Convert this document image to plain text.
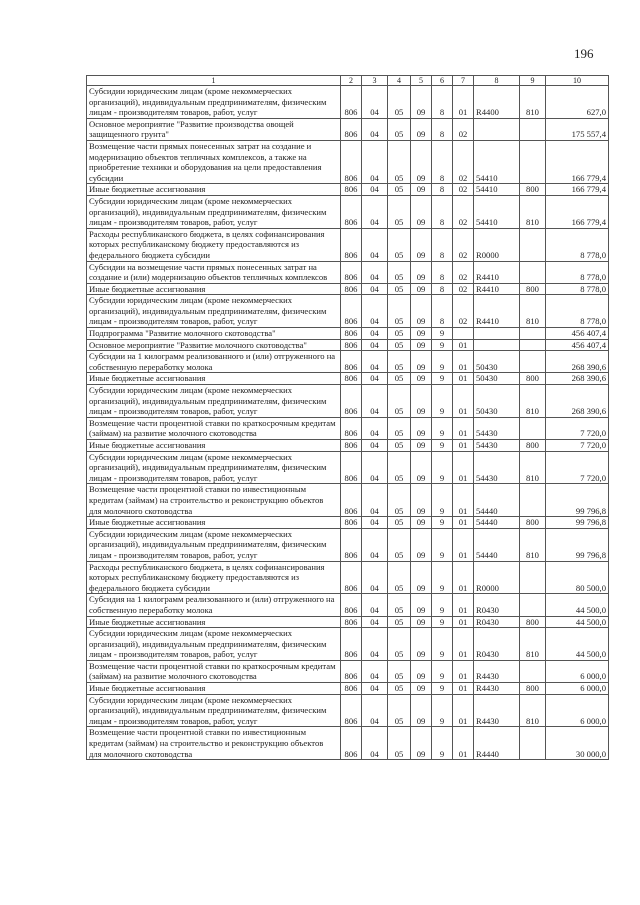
196
1	2	3	4	5	6	7	8	9	10
Субсидии юридическим лицам (кроме некоммерческих организаций), индивидуальным предпринимателям, физическим лицам - производителям товаров, работ, услуг	806	04	05	09	8	01	R4400	810	627,0
Основное мероприятие "Развитие производства овощей защищенного грунта"	806	04	05	09	8	02			175 557,4
Возмещение части прямых понесенных затрат на создание и модернизацию объектов тепличных комплексов, а также на приобретение техники и оборудования на цели предоставления субсидии	806	04	05	09	8	02	54410		166 779,4
Иные бюджетные ассигнования	806	04	05	09	8	02	54410	800	166 779,4
Субсидии юридическим лицам (кроме некоммерческих организаций), индивидуальным предпринимателям, физическим лицам - производителям товаров, работ, услуг	806	04	05	09	8	02	54410	810	166 779,4
Расходы республиканского бюджета, в целях софинансирования которых республиканскому бюджету предоставляются из федерального бюджета субсидии	806	04	05	09	8	02	R0000		8 778,0
Субсидии на возмещение части прямых понесенных затрат на создание и (или) модернизацию объектов тепличных комплексов	806	04	05	09	8	02	R4410		8 778,0
Иные бюджетные ассигнования	806	04	05	09	8	02	R4410	800	8 778,0
Субсидии юридическим лицам (кроме некоммерческих организаций), индивидуальным предпринимателям, физическим лицам - производителям товаров, работ, услуг	806	04	05	09	8	02	R4410	810	8 778,0
Подпрограмма "Развитие молочного скотоводства"	806	04	05	09	9				456 407,4
Основное мероприятие "Развитие молочного скотоводства"	806	04	05	09	9	01			456 407,4
Субсидии на 1 килограмм реализованного и (или) отгруженного на собственную переработку молока	806	04	05	09	9	01	50430		268 390,6
Иные бюджетные ассигнования	806	04	05	09	9	01	50430	800	268 390,6
Субсидии юридическим лицам (кроме некоммерческих организаций), индивидуальным предпринимателям, физическим лицам - производителям товаров, работ, услуг	806	04	05	09	9	01	50430	810	268 390,6
Возмещение части процентной ставки по краткосрочным кредитам (займам) на развитие молочного скотоводства	806	04	05	09	9	01	54430		7 720,0
Иные бюджетные ассигнования	806	04	05	09	9	01	54430	800	7 720,0
Субсидии юридическим лицам (кроме некоммерческих организаций), индивидуальным предпринимателям, физическим лицам - производителям товаров, работ, услуг	806	04	05	09	9	01	54430	810	7 720,0
Возмещение части процентной ставки по инвестиционным кредитам (займам) на строительство и реконструкцию объектов для молочного скотоводства	806	04	05	09	9	01	54440		99 796,8
Иные бюджетные ассигнования	806	04	05	09	9	01	54440	800	99 796,8
Субсидии юридическим лицам (кроме некоммерческих организаций), индивидуальным предпринимателям, физическим лицам - производителям товаров, работ, услуг	806	04	05	09	9	01	54440	810	99 796,8
Расходы республиканского бюджета, в целях софинансирования которых республиканскому бюджету предоставляются из федерального бюджета субсидии	806	04	05	09	9	01	R0000		80 500,0
Субсидия на 1 килограмм реализованного и (или) отгруженного на собственную переработку молока	806	04	05	09	9	01	R0430		44 500,0
Иные бюджетные ассигнования	806	04	05	09	9	01	R0430	800	44 500,0
Субсидии юридическим лицам (кроме некоммерческих организаций), индивидуальным предпринимателям, физическим лицам - производителям товаров, работ, услуг	806	04	05	09	9	01	R0430	810	44 500,0
Возмещение части процентной ставки по краткосрочным кредитам (займам) на развитие молочного скотоводства	806	04	05	09	9	01	R4430		6 000,0
Иные бюджетные ассигнования	806	04	05	09	9	01	R4430	800	6 000,0
Субсидии юридическим лицам (кроме некоммерческих организаций), индивидуальным предпринимателям, физическим лицам - производителям товаров, работ, услуг	806	04	05	09	9	01	R4430	810	6 000,0
Возмещение части процентной ставки по инвестиционным кредитам (займам) на строительство и реконструкцию объектов для молочного скотоводства	806	04	05	09	9	01	R4440		30 000,0
